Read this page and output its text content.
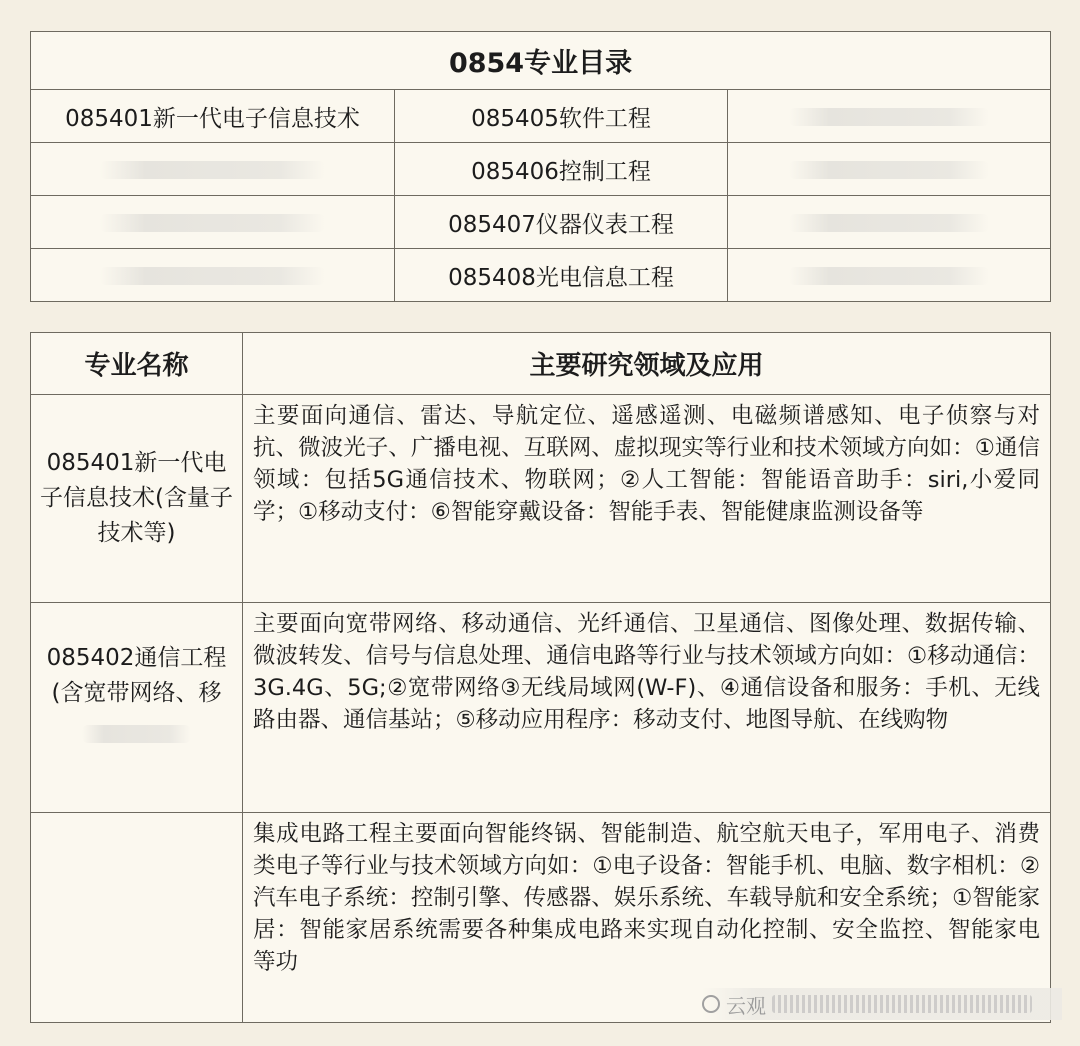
0854专业目录		
085401新一代电子信息技术	085405软件工程	
	085406控制工程	
	085407仪器仪表工程	
	085408光电信息工程	
专业名称	主要研究领域及应用
085401新一代电子信息技术(含量子技术等)	主要面向通信、雷达、导航定位、遥感遥测、电磁频谱感知、电子侦察与对抗、微波光子、广播电视、互联网、虚拟现实等行业和技术领域方向如：①通信领域：包括5G通信技术、物联网；②人工智能：智能语音助手：siri,小爱同学；①移动支付：⑥智能穿戴设备：智能手表、智能健康监测设备等
085402通信工程(含宽带网络、移	主要面向宽带网络、移动通信、光纤通信、卫星通信、图像处理、数据传输、微波转发、信号与信息处理、通信电路等行业与技术领域方向如：①移动通信：3G.4G、5G;②宽带网络③无线局域网(W-F)、④通信设备和服务：手机、无线路由器、通信基站；⑤移动应用程序：移动支付、地图导航、在线购物
	集成电路工程主要面向智能终锅、智能制造、航空航天电子，军用电子、消费类电子等行业与技术领域方向如：①电子设备：智能手机、电脑、数字相机：②汽车电子系统：控制引擎、传感器、娱乐系统、车载导航和安全系统；①智能家居：智能家居系统需要各种集成电路来实现自动化控制、安全监控、智能家电等功
云观
